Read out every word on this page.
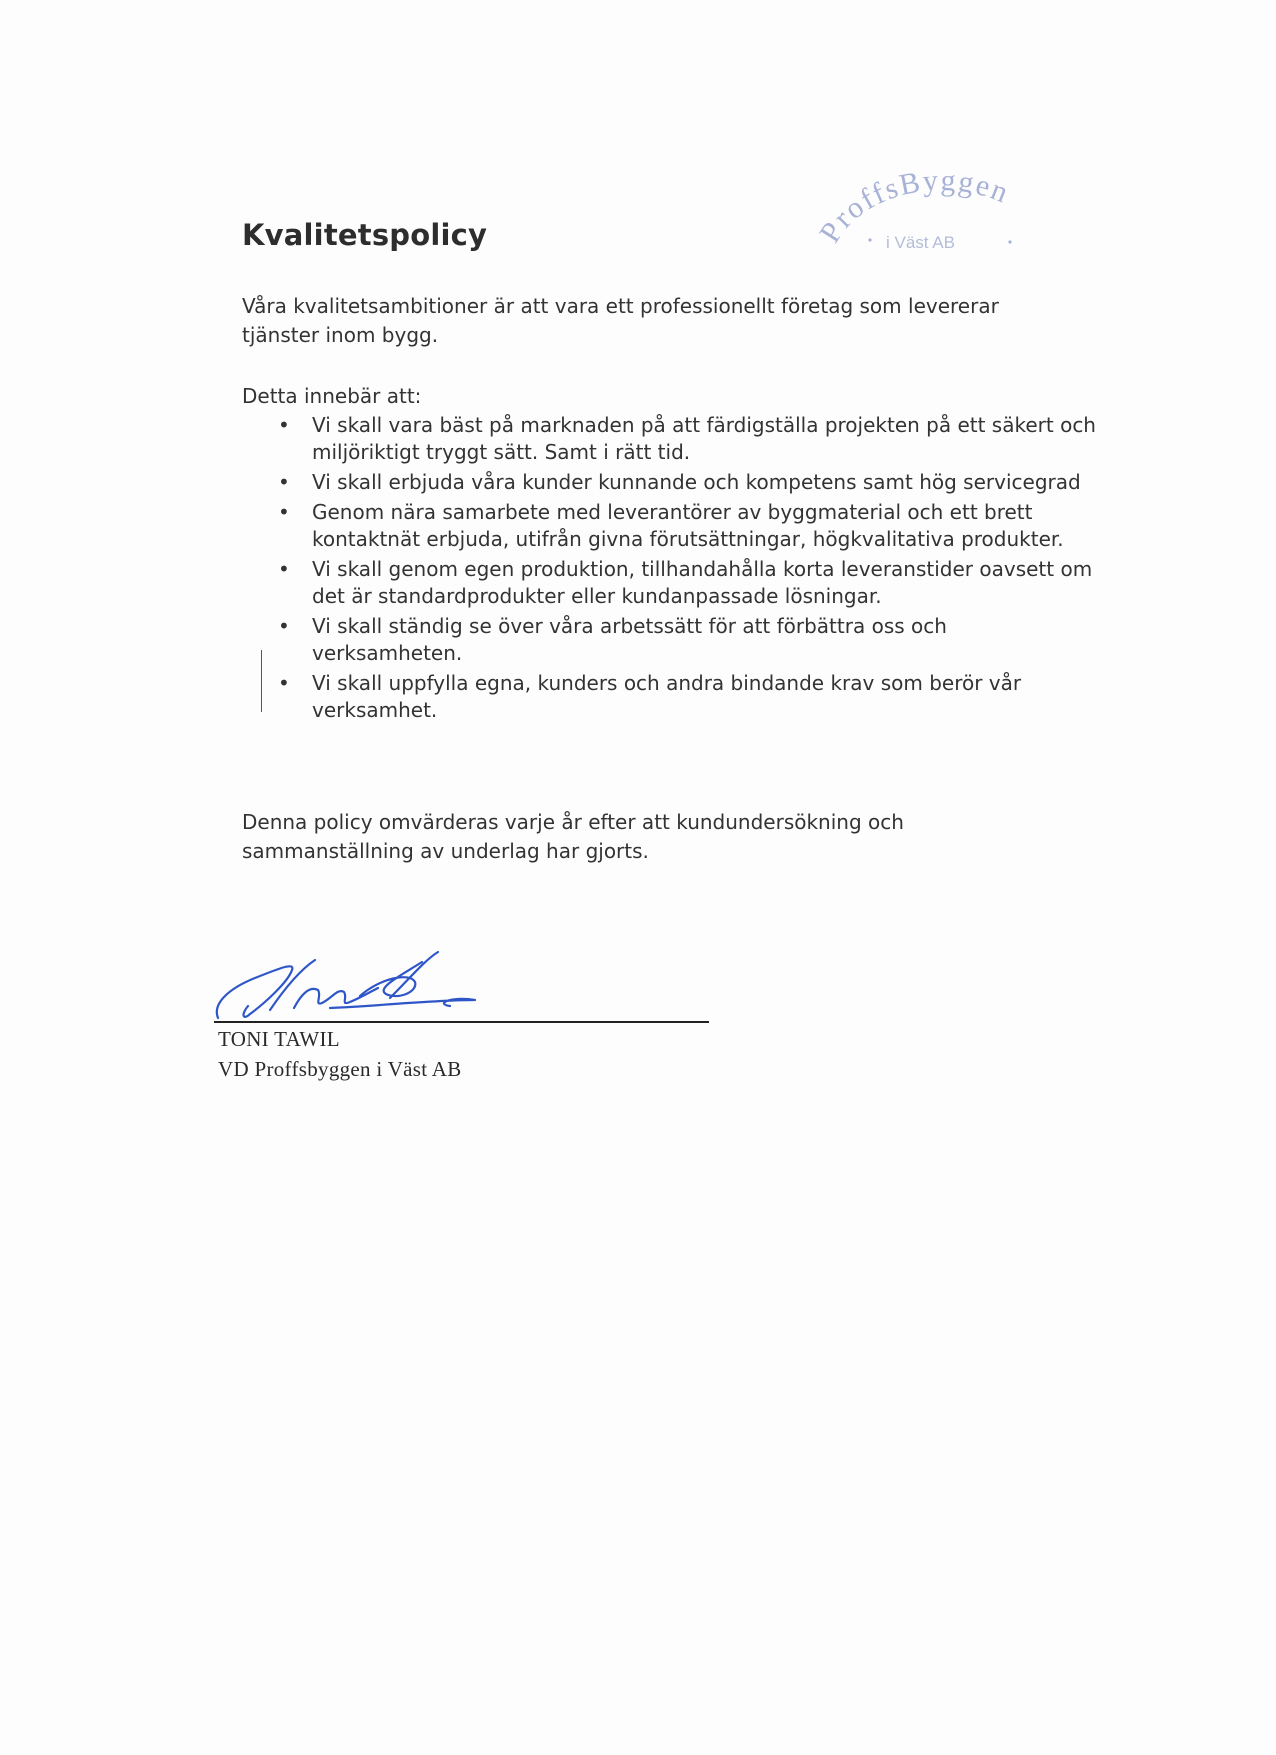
ProffsByggen
i Väst AB
Kvalitetspolicy

Våra kvalitetsambitioner är att vara ett professionellt företag som levererar tjänster inom bygg.

Detta innebär att:

• Vi skall vara bäst på marknaden på att färdigställa projekten på ett säkert och miljöriktigt tryggt sätt. Samt i rätt tid.
• Vi skall erbjuda våra kunder kunnande och kompetens samt hög servicegrad
• Genom nära samarbete med leverantörer av byggmaterial och ett brett kontaktnät erbjuda, utifrån givna förutsättningar, högkvalitativa produkter.
• Vi skall genom egen produktion, tillhandahålla korta leveranstider oavsett om det är standardprodukter eller kundanpassade lösningar.
• Vi skall ständig se över våra arbetssätt för att förbättra oss och verksamheten.
• Vi skall uppfylla egna, kunders och andra bindande krav som berör vår verksamhet.

Denna policy omvärderas varje år efter att kundundersökning och sammanställning av underlag har gjorts.

TONI TAWIL

VD Proffsbyggen i Väst AB
